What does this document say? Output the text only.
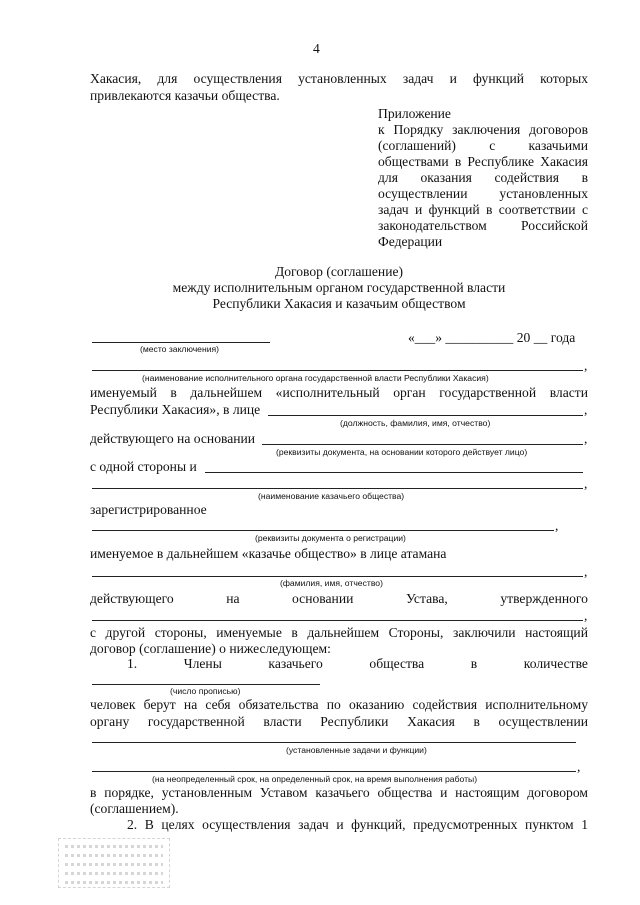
4
Хакасия, для осуществления установленных задач и функций которых
привлекаются казачьи общества.
Приложение
к Порядку заключения договоров
(соглашений) с казачьими
обществами в Республике Хакасия
для оказания содействия в
осуществлении установленных
задач и функций в соответствии с
законодательством Российской
Федерации
Договор (соглашение)
между исполнительным органом государственной власти
Республики Хакасия и казачьим обществом
(место заключения)
«___» __________ 20 __ года
,
(наименование исполнительного органа государственной власти Республики Хакасия)
именуемый в дальнейшем «исполнительный орган государственной власти
Республики Хакасия», в лице	,
(должность, фамилия, имя, отчество)
действующего на основании	,
(реквизиты документа, на основании которого действует лицо)
с одной стороны и
,
(наименование казачьего общества)
зарегистрированное
,
(реквизиты документа о регистрации)
именуемое в дальнейшем «казачье общество» в лице атамана
,
(фамилия, имя, отчество)
действующего	на	основании	Устава,	утвержденного
,
с другой стороны, именуемые в дальнейшем Стороны, заключили настоящий
договор (соглашение) о нижеследующем:
1.	Члены	казачьего	общества	в	количестве
(число прописью)
человек берут на себя обязательства по оказанию содействия исполнительному
органу государственной власти Республики Хакасия в осуществлении
(установленные задачи и функции)
,
(на неопределенный срок, на определенный срок, на время выполнения работы)
в порядке, установленным Уставом казачьего общества и настоящим договором
(соглашением).
2. В целях осуществления задач и функций, предусмотренных пунктом 1
